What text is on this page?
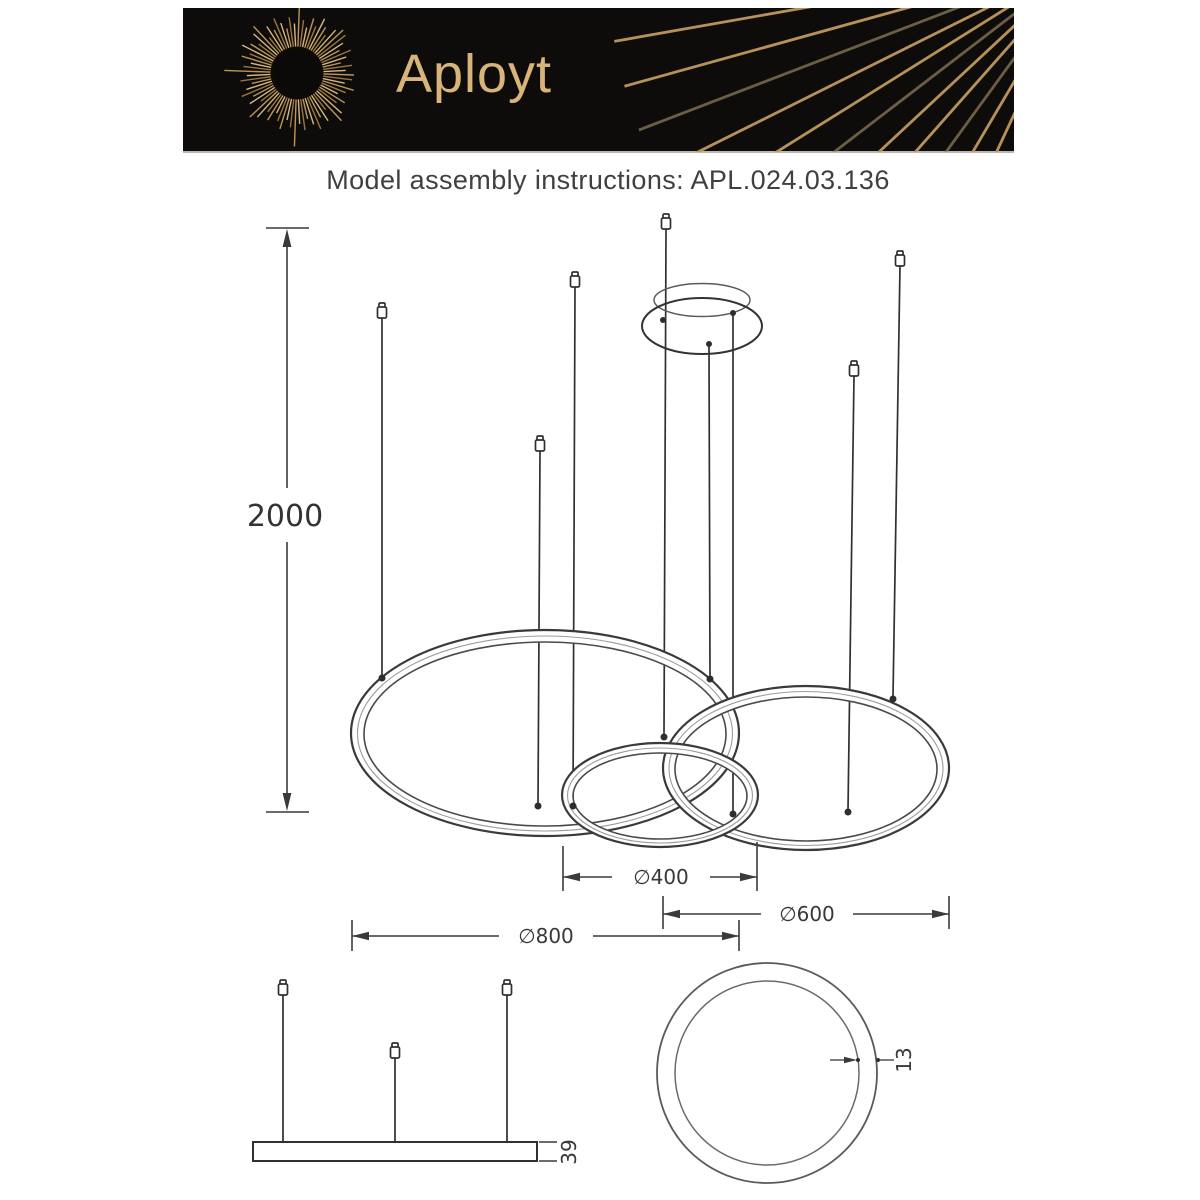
Aployt
Model assembly instructions: APL.024.03.136
2000
∅400
∅600
∅800
39
13
